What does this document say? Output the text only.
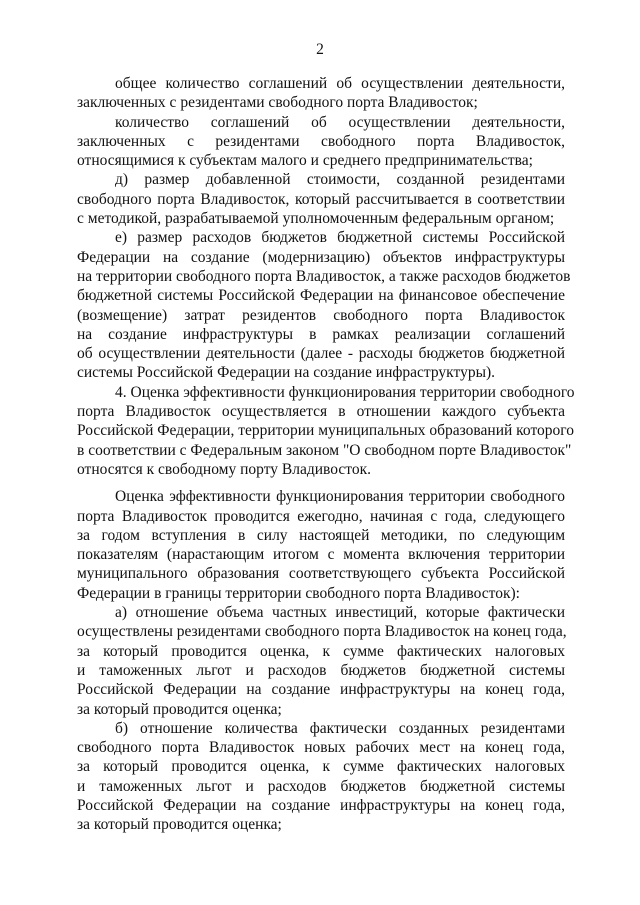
2
общее количество соглашений об осуществлении деятельности,
заключенных с резидентами свободного порта Владивосток;
количество соглашений об осуществлении деятельности,
заключенных с резидентами свободного порта Владивосток,
относящимися к субъектам малого и среднего предпринимательства;
д) размер добавленной стоимости, созданной резидентами
свободного порта Владивосток, который рассчитывается в соответствии
с методикой, разрабатываемой уполномоченным федеральным органом;
е) размер расходов бюджетов бюджетной системы Российской
Федерации на создание (модернизацию) объектов инфраструктуры
на территории свободного порта Владивосток, а также расходов бюджетов
бюджетной системы Российской Федерации на финансовое обеспечение
(возмещение) затрат резидентов свободного порта Владивосток
на создание инфраструктуры в рамках реализации соглашений
об осуществлении деятельности (далее - расходы бюджетов бюджетной
системы Российской Федерации на создание инфраструктуры).
4. Оценка эффективности функционирования территории свободного
порта Владивосток осуществляется в отношении каждого субъекта
Российской Федерации, территории муниципальных образований которого
в соответствии с Федеральным законом "О свободном порте Владивосток"
относятся к свободному порту Владивосток.
Оценка эффективности функционирования территории свободного
порта Владивосток проводится ежегодно, начиная с года, следующего
за годом вступления в силу настоящей методики, по следующим
показателям (нарастающим итогом с момента включения территории
муниципального образования соответствующего субъекта Российской
Федерации в границы территории свободного порта Владивосток):
а) отношение объема частных инвестиций, которые фактически
осуществлены резидентами свободного порта Владивосток на конец года,
за который проводится оценка, к сумме фактических налоговых
и таможенных льгот и расходов бюджетов бюджетной системы
Российской Федерации на создание инфраструктуры на конец года,
за который проводится оценка;
б) отношение количества фактически созданных резидентами
свободного порта Владивосток новых рабочих мест на конец года,
за который проводится оценка, к сумме фактических налоговых
и таможенных льгот и расходов бюджетов бюджетной системы
Российской Федерации на создание инфраструктуры на конец года,
за который проводится оценка;
